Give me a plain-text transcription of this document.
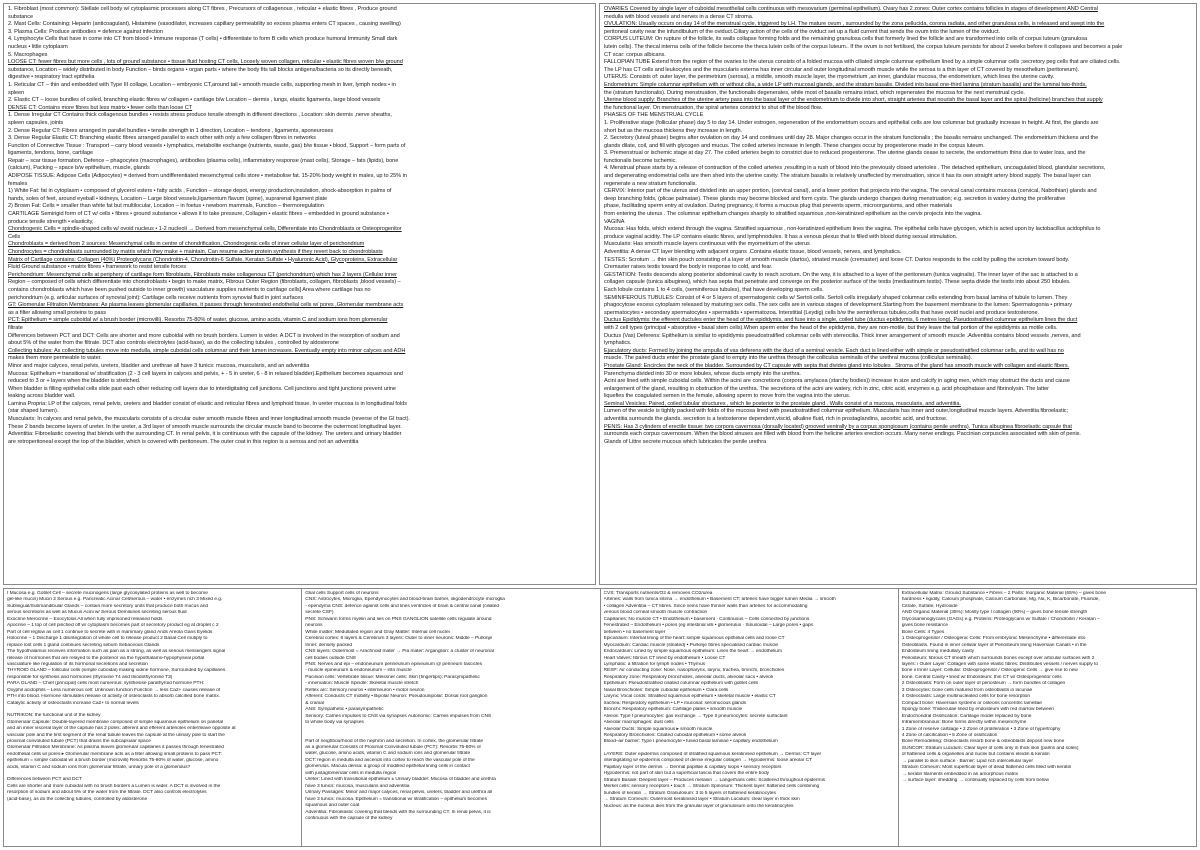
1. Fibroblast (most common): Stellate cell body w/ cytoplasmic processes along CT fibres , Precursors of collagenous , reticular + elastic fibres , Produce ground
substance
2. Mast Cells: Containing: Heparin (anticoagulant), Histamine (vasodilator, increases capillary permeability so excess plasma enters CT spaces , causing swelling)
3. Plasma Cells: Produce antibodies = defence against infection
4. Lymphocyte Cells that have in come into CT from blood • Immune response (T cells) • differentiate to form B cells which produce humoral Immunity Small dark
nucleus • little cytoplasm
5. Macrophages
LOOSE CT: fewer fibres but more cells , lots of ground substance • tissue fluid hosting CT cells, Loosely woven collagen, reticular • elastic fibres woven b/w ground
substance, Location – widely distributed in body Function – binds organs • organ parts • where the body fits tall blocks antigens/bacteria so its directly beneath,
digestive • respiratory tract epithelia
1. Reticular CT – thin and embedded with Type III collage, Location – embryonic CT,around tail • smooth muscle cells, supporting mesh in liver, lymph nodes • in
spleen
2. Elastic CT – loose bundles of coiled, branching elastic fibres w/ collagen • cartilage b/w Location – dermis , lungs, elastic ligaments, large blood vessels
DENSE CT: Contains more fibres but less matrix • fewer cells than loose CT
1. Dense Irregular CT Contains thick collagenous bundles • resists stress produce tensile strength in different directions , Location: skin dermis ,nerve sheaths,
spleen capsules, joints
2. Dense Regular CT: Fibres arranged in parallel bundles • tensile strength in 1 direction, Location – tendons , ligaments, aponeuroses
3. Dense Regular Elastic CT: Branching elastic fibres arranged parallel to each other with only a few collagen fibres in networks
Function of Connective Tissue : Transport – carry blood vessels • lymphatics, metabolite exchange (nutrients, waste, gas) b/w tissue • blood, Support – form parts of
ligaments, tendons, bone, cartilage
Repair – scar tissue formation, Defence – phagocytes (macrophages), antibodies (plasma cells), inflammatory response (mast cells), Storage – fats (lipids), bone
(calcium), Packing – space b/w epithelium, muscle, glands
ADIPOSE TISSUE: Adipose Cells (Adipocytes) = derived from undifferentiated mesenchymal cells store • metabolise fat. 15-20% body weight in males, up to 25% in
females
1) White Fat: fat in cytoplasm • composed of glycerol esters • fatty acids , Function – storage depot, energy production,insulation, shock-absorption in palms of
hands, soles of feet, around eyeball • kidneys, Location – Large blood vessels,ligamentum flavum (spine), suprarenal ligament plate
2) Brown Fat: Cells = smaller than white fat but multilocular, Location – in foetus • newborn mammals, Function – thermoregulation
CARTILAGE Semirigid form of CT w/ cells • fibres • ground substance • allows it to take pressure, Collagen • elastic fibres – embedded in ground substance •
produce tensile strength • elasticity,
Chondrogenic Cells = spindle-shaped cells w/ ovoid nucleus • 1-2 nucleoli → Derived from mesenchymal cells, Differentiate into Chondroblasts or Osteoprogenitor
Cells
Chondroblasts = derived from 2 sources: Mesenchymal cells in centre of chondrification, Chondrogenic cells of inner cellular layer of perichondrium
Chondrocytes = chondroblasts surrounded by matrix which they make + maintain, Can resume active protein synthesis if they revert back to chondroblasts
Matrix of Cartilage contains: Collagen (40%) Proteoglycans (Chondroitin-4, Chondroitin-6 Sulfate, Keratan Sulfate • Hyaluronic Acid), Glycoproteins, Extracellular
Fluid Ground substance • matrix fibres • framework to resist tensile forces
Perichondrium: Mesenchymal cells at periphery of cartilage form fibroblasts, Fibroblasts make collagenous CT (perichondrium) which has 2 layers (Cellular inner
Region – composed of cells which differentiate into chondroblasts • begin to make matrix, Fibrous Outer Region (fibroblasts, collagen, fibroblasts ,blood vessels) –
contains chondroblasts which have been pushed outside to inner growth) vasculature supplies nutrients to cartilage cells] Area where cartilage has no
perichondrium (e.g. articular surfaces of synovial joint): Cartilage cells receive nutrients from synovial fluid in joint surfaces
GT: Glomerular Filtration Membranes: As plasma leaves glomerular capillaries, it passes through fenestrated endothelial cells w/ pores ,Glomerular membrane acts
as a filter allowing small proteins to pass
PCT: Epithelium = simple cuboidal w/ a brush border (microvilli). Resorbs 75-80% of water, glucose, amino acids, vitamin C and sodium ions from glomerular
filtrate
Differences between PCT and DCT: Cells are shorter and more cuboidal with no brush borders. Lumen is wider. A DCT is involved in the resorption of sodium and
about 5% of the water from the filtrate. DCT also controls electrolytes (acid-base), as do the collecting tubules , controlled by aldosterone
Collecting tubules: As collecting tubules move into medulla, simple cuboidal cells columnar and their lumen increases. Eventually empty into minor calyces and ADH
makes them more permeable to water.
Minor and major calyces, renal pelvis, ureters, bladder and urethrae all have 3 tunics: mucosa, muscularis, and an adventitia
Mucosa: Epithelium = transitional w/ stratification (2 - 3 cell layers in calyces and pelvis, + - 5 in ureter, 6 - 8 in relaxed bladder).Epithelium becomes squamous and
reduced to 3 or + layers when the bladder is stretched.
When bladder is filling epithelial cells slide past each other reducing cell layers due to interdigitating cell junctions. Cell junctions and tight junctions prevent urine
leaking across bladder wall.
Lamina Propria: LP of the calyces, renal pelvis, ureters and bladder consist of elastic and reticular fibres and lymphoid tissue. In ureter mucosa is in longitudinal folds
(star shaped lumen).
Muscularis: In calyces and renal pelvis, the muscularis consists of a circular outer smooth muscle fibres and inner longitudinal smooth muscle (reverse of the GI tract).
These 2 bands become layers of ureter. In the ureter, a 3rd layer of smooth muscle surrounds the circular muscle band to become the outermost longitudinal layer.
Adventitia: Fibroelastic covering that blends with the surrounding CT. In renal pelvis, it is continuous with the capsule of the kidney. The ureters and urinary bladder
are retroperitoneal except the top of the bladder, which is covered with peritoneum. The outer coat in this region is a serosa and not an adventitia
OVARIES Covered by single layer of cuboidal mesothelial cells continuous with mesovarium (germinal epithelium). Ovary has 2 zones: Outer cortex contains follicles in stages of development AND Central
medulla with blood vessels and nerves in a dense CT stroma.
OVULATION: Usually occurs on day 14 of the menstrual cycle, triggered by LH. The mature ovum , surrounded by the zona pellucida, corona radiata, and other granulosa cells, is released and swept into the
peritoneal cavity near the infundibulum of the oviduct.Ciliary action of the cells of the oviduct set up a fluid current that sends the ovum into the lumen of the oviduct.
CORPUS LUTEUM: On rupture of the follicle, its walls collapse forming folds and the remaining granulosa cells that formerly lined the follicle and are transformed into cells of corpus luteum (granulosa
lutein cells). The thecal interna cells of the follicle become the theca lutein cells of the corpus luteum.. If the ovum is not fertilised, the corpus luteum persists for about 2 weeks before it collapses and becomes a pale
CT scar: corpus albicans.
FALLOPIAN TUBE Extend from the region of the ovaries to the uterus consists of a folded mucosa with ciliated simple columnar epithelium lined by a simple columnar cells ;secretory peg cells that are ciliated cells.
The LP has CT cells and leukocytes and the muscularis externa has inner circular and outer longitudinal smooth muscle while the serosa is a thin layer of CT covered by mesothelium (peritoneum).
UTERUS: Consists of: outer layer, the perimetrium (serosa), a middle, smooth muscle layer, the myometrium ,an inner, glandular mucosa, the endometrium, which lines the uterine cavity.
Endometrium: Simple columnar epithelium with or without cilia, a wide LP with mucosal glands, and the stratum basalis. Divided into basal one-third lamina (stratum basalis) and the luminal two-thirds,
the (stratum functionalis). During menstruation, the functionalis degenerates, while most of basalis remains intact, which regenerates the mucosa for the next menstrual cycle.
Uterine blood supply: Branches of the uterine artery pass into the basal layer of the endometrium to divide into short, straight arteries that nourish the basal layer and the spiral (helicine) branches that supply
the functional layer. On menstruation, the spiral arteries constrict to shut off the blood flow.
PHASES OF THE MENSTRUAL CYCLE
1. Proliferative stage (follicular phase) day 5 to day 14. Under estrogen, regeneration of the endometrium occurs and epithelial cells are low columnar but gradually increase in height. At first, the glands are
short but as the mucosa thickens they increase in length.
2. Secretory (luteal phase) begins after ovulation on day 14 and continues until day 28. Major changes occur in the stratum functionalis ; the basalis remains unchanged. The endometrium thickens and the
glands dilate, coil, and fill with glycogen and mucus. The coiled arteries increase in length. These changes occur by progesterone made in the corpus luteum.
3. Premenstrual or ischemic stage at day 27. The coiled arteries begin to constrict due to reduced progesterone. The uterine glands cease to secrete, the endometrium thins due to water loss, and the
functionalis become ischemic.
4. Menstrual phase starts by a release of contraction of the coiled arteries ,resulting in a rush of blood into the previously closed arterioles . The detached epithelium, uncoagulated blood, glandular secretions,
and degenerating endometrial cells are then shed into the uterine cavity. The stratum basalis is relatively unaffected by menstruation, since it has its own straight artery blood supply. The basal layer can
regenerate a new stratum functionalis.
CERVIX: Interior part of the uterus and divided into an upper portion, (cervical canal), and a lower portion that projects into the vagina. The cervical canal contains mucosa (cervical, Nabothian) glands and
deep branching folds, (plicae palmatae). These glands may become blocked and form cysts. The glands undergo changes during menstruation; e.g. secretion is watery during the proliferative
phase, facilitating sperm entry at ovulation. During pregnancy, it forms a mucous plug that prevents sperm, microorganisms, and other materials
from entering the uterus . The columnar epithelium changes sharply to stratified squamous ,non-keratinized epithelium as the cervix projects into the vagina.
VAGINA
Mucosa: Has folds, which extend through the vagina. Stratified squamous , non-keratinized epithelium lines the vagina. The epithelial cells have glycogen, which is acted upon by lactobacillus acidophilus to
produce vaginal acidity. The LP contains elastic fibres, and lymphnodules. It has a venous plexus that is filled with blood during sexual stimulation.
Muscularis: Has smooth muscle layers continuous with the myometrium of the uterus
Adventitia: A dense CT layer blending with adjacent organs .Contains elastic tissue, blood vessels, nerves, and lymphatics.
TESTES: Scrotum → thin skin pouch consisting of a layer of smooth muscle (dartos), striated muscle (cremaster) and loose CT. Dartos responds to the cold by pulling the scrotum toward body.
Cremaster raises testis toward the body in response to cold, and fear.
GESTATION: Testis descends along posterior abdominal cavity to reach scrotum. On the way, it is attached to a layer of the peritoneum (tunica vaginalis). The inner layer of the sac is attached to a
collagen capsule (tunica albuginea), which has septa that penetrate and converge on the posterior surface of the testis (mediastinum testis). These septa divide the testis into about 250 lobules.
Each lobule contains 1 to 4 coils, (seminiferous tubules), that have developing sperm cells.
SEMINIFEROUS TUBULES: Consist of 4 or 5 layers of spermatogenic cells w/ Sertoli cells. Sertoli cells irregularly shaped columnar cells extending from basal lamina of tubule to lumen. They
phagocytose excess cytoplasm released by maturing sex cells. The sex cells are in various stages of development.Starting from the basement membrane to the lumen: Spermatogonia • primary
spermatocytes • secondary spermatocytes • spermatids • spermatozoa. Interstitial (Leydig) cells b/w the seminiferous tubules,cells that have ovoid nuclei and produce testosterone.
Ductus Epididymis: the efferent ductules enter the head of the epididymis, and fuse into a single, coiled tube (ductus epididymis, 6 metres long). Pseudostratified columnar epithelium lines the duct
with 2 cell types (principal • absorptive • basal stem cells).When sperm enter the head of the epididymis, they are non-motile, but they leave the tail portion of the epididymis as motile cells.
Ductus (Vas) Deferens: Epithelium is similar to epididymis pseudostratified columnar cells with stereocilia. Thick inner arrangement of smooth muscle .Adventitia contains blood vessels ,nerves, and
lymphatics.
Ejaculatory ducts: Formed by joining the ampulla of vas deferens with the duct of a seminal vesicle. Each duct is lined either with simple or pseudostratified columnar cells, and its wall has no
muscle. The paired ducts enter the prostate gland to empty into the urethra through the colliculus seminalis of the urethral mucosa (colliculus seminalis).
Prostate Gland: Encircles the neck of the bladder. Surrounded by CT capsule with septa that divides gland into lobules . Stroma of the gland has smooth muscle with collagen and elastic fibers.
Parenchyma divided into 30 or more lobules, whose ducts empty into the urethra.
Acini are lined with simple cuboidal cells. Within the acini are concretions (corpora amylacea (starchy bodies)) increase in size and calcify in aging men, which may obstruct the ducts and cause
enlargement of the gland, resulting in obstruction of the urethra. The secretions of the acini are watery, rich in zinc, citric acid, enzymes e.g. acid phosphatase and fibrinolysin. The latter
liquefies the coagulated semen in the female, allowing sperm to move from the vagina into the uterus.
Seminal Vesicles: Paired, coiled tubular structures , which lie posterior to the prostate gland . Walls consist of a mucosa, muscularis, and adventitia.
Lumen of the vesicle is tightly packed with folds of the mucosa lined with pseudostratified columnar epithelium. Muscularis has inner and outer,longitudinal muscle layers. Adventitia fibroelastic;
adventitia surrounds the glands. secretion is a testosterone dependent,viscid, alkaline fluid, rich in prostaglandins, ascorbic acid, and fructose.
PENIS: Has 3 cylinders of erectile tissue: two corpora cavernosa (dorsally located) grooved ventrally by a corpus spongiosum (contains penile urethra). Tunica albuginea fibroelastic capsule that
surrounds each corpus cavernosum. When the blood sinuses are filled with blood from the helicine arteries erection occurs. Many nerve endings. Paccinian corpuscles associated with skin of penis.
Glands of Littre secrete mucous which lubricates the penile urethra
I Mucosa e.g. Goblet Cell – secrete mucinogens (large glycosylated proteins as well to become
gel-like mucin) Mucin 2 Serous e.g. Pancreatic Acinar Cell/serous – water • enzymes rich 3 Mixed e.g.
Sublingual/Submandibular Glands – contain more secretory units that produce both mucus and
serous secretions as well as Mucus Acini w/ Serous Demilunes secreting serous fluid
Exocrine Merocrine – Exocytosis All when fully imprisoned released holds
Apocrine – 1 top of cell pinched off w/ cytoplasm becomes part of secretory product eg at droplet c 2
Part of cell reglow as cell 1 continue to secrete with in mammary gland Ands Areola Gans Eyelids
Holocrine – 1 Discharge 1 disintegration of whole cell to release product 2 Basal Cell mutiply to
replace lost cells 1 gland continues secreting sebum Sebaceous Glands
The hypothalamus receives information such as pain as a strong, as well as serious messengers signal
release of hormones that are relayed to the posterior via the hypothalamo-hypophyseal portal
vasculature like regulation of its hormonal secretions and secretion
THYROID GLAND – follicular cells (simple cuboidal) making iodine hormone, Surrounded by capillaries
responsible for synthesis and hormones (thyroxine T4 and triiodothyronine T3)
PARA GLAND – Chief (principal) cells most numerous: synthesise parathyroid hormone PTH:
Oxyphil acidophils – Less numerous cell: Unknown function Function → less Ca2+ causes release of
PTH into blood. Hormone stimulates release of activity of osteoclasts to absorb calcified bone matrix.
Catalytic activity of osteoclasts increase Ca2+ to normal levels
NUTRIKON: the functional unit of the kidney
Glomerular Capsule: Double-layered membrane composed of simple squamous epithelium on parietal
and an inner visceral layer of the capsule has 2 poles: afferent and efferent arterioles enter/leave opposite at
vascular pole and the first segment of the renal tubule leaves the capsule at the urinary pole to start the
proximal convoluted tubule (PCT) that drains the subcapsular space
Glomerular Filtration Membrane: As plasma leaves glomerular capillaries it passes through fenestrated
endothelial cells w/ pores ▸ Glomerular membrane acts as a filter allowing small proteins to pass PCT:
epithelium = simple cuboidal w/ a brush border (microvilli) Resorbs 75-80% of water, glucose, amino
acids, vitamin C and sodium ions from glomerular filtrate, urinary pole of a glomerulus?
Differences between PCT and DCT
Cells are shorter and more cuboidal with no brush borders a Lumen is wider. A DCT is involved in the
resorption of sodium and about 5% of the water from the filtrate. DCT also controls electrolytes
(acid-base), as do the collecting tubules, controlled by aldosterone
Glial cells Support cells of neurons
CNS: Astrocytes, Microglia, Ependymocytes and blood-brain barrier, oligodendrocyte microglia
- ependyma CNS: defence against cells and lines ventricles of brain & central canal (ciliated
secrete CSF)
PNS: Schwann forms myelin and lies on PNS GANGLION satellite cells regulate around
neurons
White matter: Medullated region and Gray Matter: Internal cell nuclei
Cerebral cortex: 6 layers & Cerebrum 3 layers: Outer to inner neurons: Middle – Purkinje
Inner: densely packed
CNS layers: Outermost = Arachnoid mater → Pia mater: Arganglion: a cluster of neuronal
cell bodies outside CNS
PNS: Nerves and epi – endoneurium perineurium epineurium @ perineum fascicles
- muscle epineurium & endoneurium – into muscle
Pacinian cells: Vertebrate tissue: Meissner cells: Skin (fingertips): Parasympathetic
- innervation: Muscle Spindle: Skeletal muscle stretch
Reflex arc: Sensory neuron • interneuron • motor neuron
Afferent: Conducts CT mobility • Bipolar Neuron: Pseudounipolar: Dorsal root ganglion
& cranial
ANS: Sympathetic • parasympathetic
Sensory: Carries impulses to CNS via synapses Autonomic: Carries impulses from CNS
to whole body via synapses
Part of neighbourhood of the nephron and secretion. In cortex, the glomerular filtrate
as a glomerular Consists of Proximal Convoluted tubule (PCT): Resorbs 75-80% of
water, glucose, amino acids, vitamin C and sodium ions and glomerular filtrate
DCT: region in medulla and ascends into cortex to reach the vascular pole of the
glomerulus. Macula densa: a group of modified epithelial lining cells in contact
with juxtaglomerular cells in medulla region
Ureter: Lined with transitional epithelium ± Urinary bladder: Mucosa of bladder and urethra
have 3 tunics: mucosa, muscularis and adventitia
Urinary Passages: Minor and major calyces, renal pelvis, ureters, bladder and urethra all
have 3 tunics: mucosa. Epithelium = transitional w/ stratification – epithelium becomes
squamous and outer coat
Adventitia: Fibroelastic covering that blends with the surrounding CT. In renal pelvis, it is
continuous with the capsule of the kidney
CVS: Transports nutrients/O2 & removes CO2/urea
Arteries: walls from tunica intima → endothelium • Basement CT: arteries have bigger lumen Media → smooth
• collagen Adventitia – CT fibres. Since veins have thinner walls than arteries for accommodating
venous blood corneal smooth muscle contraction
Capillaries: No muscle CT • Endothelium • basement · Continuous – Cells connected by junctions
Fenestrated – Endothelium • pores (eg intestinal villi • glomerulus · Sinusoidal – Large pores • gaps
between • no basement layer
Epicardium: Internal lining of the heart: simple squamous epithelial cells and loose CT
Myocardium: Cardiac muscle (striated) • Purkinje fibres specialised cardiac muscle
Endocardium: Lined by simple squamous epithelium: Lines the heart → endothelium
Heart Valves: fibrous CT lined by endothelium • Loose CT
Lymphatic: a filtration for lymph nodes • Thymus
RESP: Air conducting zone: Nose, nasopharynx, larynx, trachea, bronchi, bronchioles
Respiratory zone: Respiratory bronchioles, alveolar ducts, alveolar sacs • alveoli
Epithelium: Pseudostratified ciliated columnar epithelium with goblet cells
Nasal Bronchioles: Simple cuboidal epithelium • Clara cells
Larynx: Vocal cords: Stratified squamous epithelium • skeletal muscle • elastic CT
trachea: Respiratory epithelium • LP • mucosal: seromucous glands
Bronchi: Respiratory epithelium: Cartilage plates • smooth muscle
Alveoli: Type I pneumocytes: gas exchange → Type II pneumocytes: secrete surfactant
Alveolar macrophages: dust cells
Alveolar Ducts: Simple squamous ▸ smooth muscle
Respiratory Bronchioles: Ciliated cuboidal epithelium • some alveoli
Blood–air barrier: Type I pneumocyte • fused basal laminae • capillary endothelium
LAYERS: Outer epidermis composed of stratified squamous keratinised epithelium → Dermis: CT layer
interdigitating w/ epidermis composed of dense irregular collagen → Hypodermis: loose areolar CT
Papillary layer of the dermis → Dermal papillae & capillary loops • sensory receptors
Hypodermis: not part of skin but a superficial fascia that covers the entire body
Stratum Basale: Deepest layer – Produces melanin → Langerhans cells: Scattered throughout epidermis
Merkel cells: sensory receptors • touch → Stratum Spinosum: Thickest layer: flattened cells combining
bundles of keratin → Stratum Granulosum: 3 to 5 layers of flattened keratinocytes
→ Stratum Corneum: Outermost keratinised layer • Stratum Lucidum: clear layer in thick skin
Nucleus: as the nucleus dies from the granular layer of granulosum onto the keratinocytes
Extracellular Matrix: Ground Substance • Fibres – 2 Parts: Inorganic Material (65%) – gives bone
hardness • rigidity, Calcium phosphate, Calcium Carbonate, Mg, Na, K, Bicarbonate, Fluoride,
Citrate, Sulfate, Hydroxide
AND Organic Material (35%): Mostly type I collagen (90%) – gives bone tensile strength
Glycosaminoglycans (GAGs) e.g. Proteins: Proteoglycans w/ Sulfate / Chondroitin / Keratan –
gives bone resistance
Bone Cells: 4 Types
1 Osteoprogenitor / Osteogenic Cells: From embryonic Mesenchyme • differentiate into
Osteoblasts. Found in inner cellular layer of Periosteum lining Haversian Canals • in the
Endosteum lining medullary cavity
Periosteum: fibrous CT sheath which surrounds bones except over articular surfaces with 2
layers: i Outer Layer: Collagen with some elastic fibres: Distributes vessels / nerves supply to
bone ii Inner Layer: Cellular: Osteoprogenitor / Osteogenic Cells → give rise to new
bone. Central Cavity • lined w/ Endosteum: thin CT w/ Osteoprogenitor cells
2 Osteoblasts: Form on outer layer of periosteum → form bundles of collagen
3 Osteocytes: bone cells matured from osteoblasts in lacunae
4 Osteoclasts: Large multinucleated cells for bone resorption
Compact bone: Haversian systems or osteons concentric lamellae
Spongy bone: Trabeculae lined by endosteum with red marrow between
Endochondral Ossification: Cartilage model replaced by bone
Intramembranous: Bone forms directly within mesenchyme
1 Zone of reserve cartilage • 2 Zone of proliferation • 3 Zone of hypertrophy
4 Zone of calcification • 5 Zone of ossification
Bone Remodelling: Osteoclasts resorb bone & osteoblasts deposit new bone
SUNCOR: Stratum Lucidum: Clear layer of cells only in thick skin (palms and soles)
of flattened cells & organelles and nuclei but contains eleidin & keratin
→ parallel to skin surface · Barrier: Lipid rich intercellular layer
Stratum Corneum: Most superficial layer of dead flattened cells filled with keratin
→ keratin filaments embedded in an amorphous matrix
→ surface layer: shedding → continually replaced by cells from below
